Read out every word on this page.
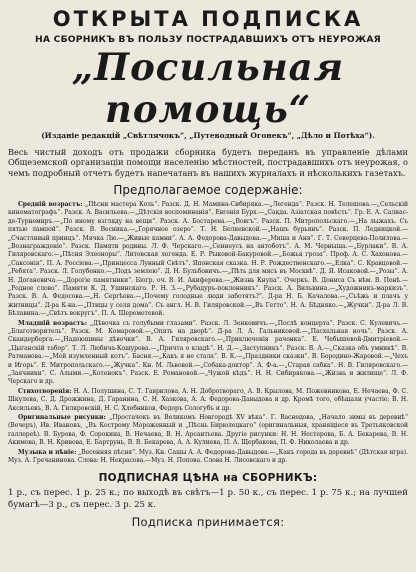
ОТКРЫТА ПОДПИСКА
НА СБОРНИКЪ ВЪ ПОЛЬЗУ ПОСТРАДАВШИХЪ ОТЪ НЕУРОЖАЯ
„Посильная помощь“
(Изданіе редакцій „Свѣтлячокъ“, „Путеводный Огонекъ“, „Дѣло и Потѣха“).
Весь чистый доходъ отъ продажи сборника будетъ переданъ въ управленіе дѣлами Общеземской организаціи помощи населенію мѣстностей, пострадавшихъ отъ неурожая, о чемъ подробный отчетъ будетъ напечатанъ въ нашихъ журналахъ и нѣсколькихъ газетахъ.
Предполагаемое содержаніе:

Средній возрастъ: „Пѣсни мастера Коль“. Разск. Д. Н. Мамина-Сибиряка.—„Легенда“. Разск. Н. Телешова.—„Сельскій кинематографъ“. Разск. А. Васильева.—„Дѣтскія воспоминанія“. Евгенія Бурх.—„Сакда. Азіатская повѣсть“. Гр. Е. А. Салиас-де-Турнемиръ.—„По иному взгляду на вещи“. Разск. А. Бостарева.—„Вовгъ“. Разск. П. Митропольскаго.—„На лыжахъ. Съ пятью лампой“. Разск. В. Весника.—„Горячное озеро“. Т. Н. Беляевской.—„Нашъ бурьянъ“. Разск. П. Ледницкой.—„Счастливый принцъ“. Мячка Лю.—„Живые камни“. А. А. Федорова-Давыдова.—„Миша и Аня“. Г. Т. Северцева-Полилова.—„Вознагражденіе“. Разск. Памяти родины. Л. Ф. Черскаго.—„Сеннеусъ на антоботъ“. А. М. Черныша.—„Бурлаки“. В. А. Гиляровскаго.—„Пѣсня Элеоноры“. Литовская легенда. Е. Р. Рыковой-Бакуровой.—„Божья гроза“. Проф. А. С. Хахонова.—„Саксонія“. П. А. Россіева.—„Принцесса Лунный Свѣтъ“. Японская сказка. Н. Р. Рождественскаго.—„Елка“. С. Кравцовой.—„Ребята“. Разск. Л. Голубенко.—„Подъ землею“. Д. Н. Бульбовичъ.—„Пѣть для мясъ въ Москвѣ“. Д. Я. Исаковой.—„Розы“. А. Н. Доганевича.—„Дорогіе памятники“. Біогр. оч. В. И. Акиферова.—„Жизнь Кнупа“. Очеркъ. В. Дониса Съ нѣм. В. Пенѣ.—„Родное слово“. Памяти К. Д. Ушинскаго. Р. Н. З.—„Рубадуръ-поклонникъ“. Разск. А. Вилькина.—„Художникъ-маркизъ“. Разск. В. А. Федосова.—„Н. Сергѣева.—„Почему голодные люди заботятъ?“. Д-ра Н. Б. Качалова.—„Съѣжь и плачъ у житницы“. Д-ра К-на.—„Птицы у селя дома“. Съ англ. Н. В. Гиляровской.—„Въ Гетто“. Н. А. Бѣдняко.—„Жучки“. Д-ра Л. В. Бѣлавина.—„Свѣтъ вокругъ“. П. А. Шереметевой.

Младшій возрастъ: „Дѣвочка съ голубыми глазами“. Разск. Л. Зенковичъ.—„Послѣ концерта“. Разск. С. Кулевичъ.—„Благотворитель“. Разск. М. Комаровой.—„Опять на дворѣ“. Д-ра Л. А. Гальниковой.—„Пасхальная ночь“. Разск. А. Скандерберга.—„Надеюшины дѣвочки“. В. А. Гиляровскаго.—„Приключенія рачонка“. Е. Чебышевой-Дмитріевой.—„Цыганскій табор“. Т. Л. Любича-Кошурова.—„Причта о кладѣ“. Н. Д.—„Заступникъ“. Разск. В. А.—„Сказка объ умникѣ“. В. Ратманова.—„Мой изумленный котъ“. Басня.—„Какъ я не стала“. В. К.—„Праздники сказки“. В. Бородино-Жаровой.—„Чехъ и Игорь“. Е. Митропольскаго.—„Жучка“. Кн. М. Львовой.—„Собака-доктор“. А. Ф-а.—„Старая сабка“. Н. В. Гиляровскаго.—„Заячники“. С. Алыми.—„Котенокъ“. Разск. Е. Романовой.—„Чужой кѣдъ“. Н. Н. Сибирякова.—„Жизнь и жилище“. Л. Ф. Черскаго и др.

Стихотворенія: Н. А. Полушина, С. Т. Гаврилова, А. Н. Добротвораго, А. В. Крылова, М. Пожевникова, Е. Нечаева, Ф. С. Шкулева, С. Д. Дрожжина, Д. Гаранина, С. Н. Хаэкова, А. А. Федорова-Давыдова и др. Кромѣ того, обѣщали участіе: В. Н. Аксильевъ, В. А. Гиляровскій, Н. С. Хлебников, Федоръ Сологубъ и др.

Оригинальные рисунки: „Простачокъ въ Великомъ Новгородѣ XV вѣка“. Г. Васнецова, „Начало зимы въ деревнѣ“ (Вечеръ), Ив. Ивановъ, „Въ Кострому Мороженный и „Пѣснь Бирюлецкаго“ (оригинальныя, хранящіеся въ Третьяковской галлереѣ). В. Бурова, Ф. Сорокина, В. Нечаева, В. Н. Арсантьева. Другіе рисунки: Н. Н. Нестерова, Б. А. Бекарева, В. Н. Акимова, В. Н. Кривова, Е. Бартрунь, В. В. Бекарева, А. А. Кулиева, П. А. Щербакова, П. Ф. Николаева и др.

Музыка и пѣніе: „Весенняя пѣсня“. Муз. Кн. Сашы А. А. Федорова-Давыдова.—„Какъ города въ деревнѣ“ (Дѣтская игра). Муз. А. Гречанинова. Слова: Н. Некрасова.—Муз. Н. Попова. Слова Н. Лисовскаго и др.

ПОДПИСНАЯ ЦѢНА на СБОРНИКЪ:
1 р., съ перес. 1 р. 25 к.; по выходѣ въ свѣтъ—1 р. 50 к., съ перес. 1 р. 75 к.; на лучшей бумагѣ—3 р., съ перес. 3 р. 25 к.
Подписка принимается:
